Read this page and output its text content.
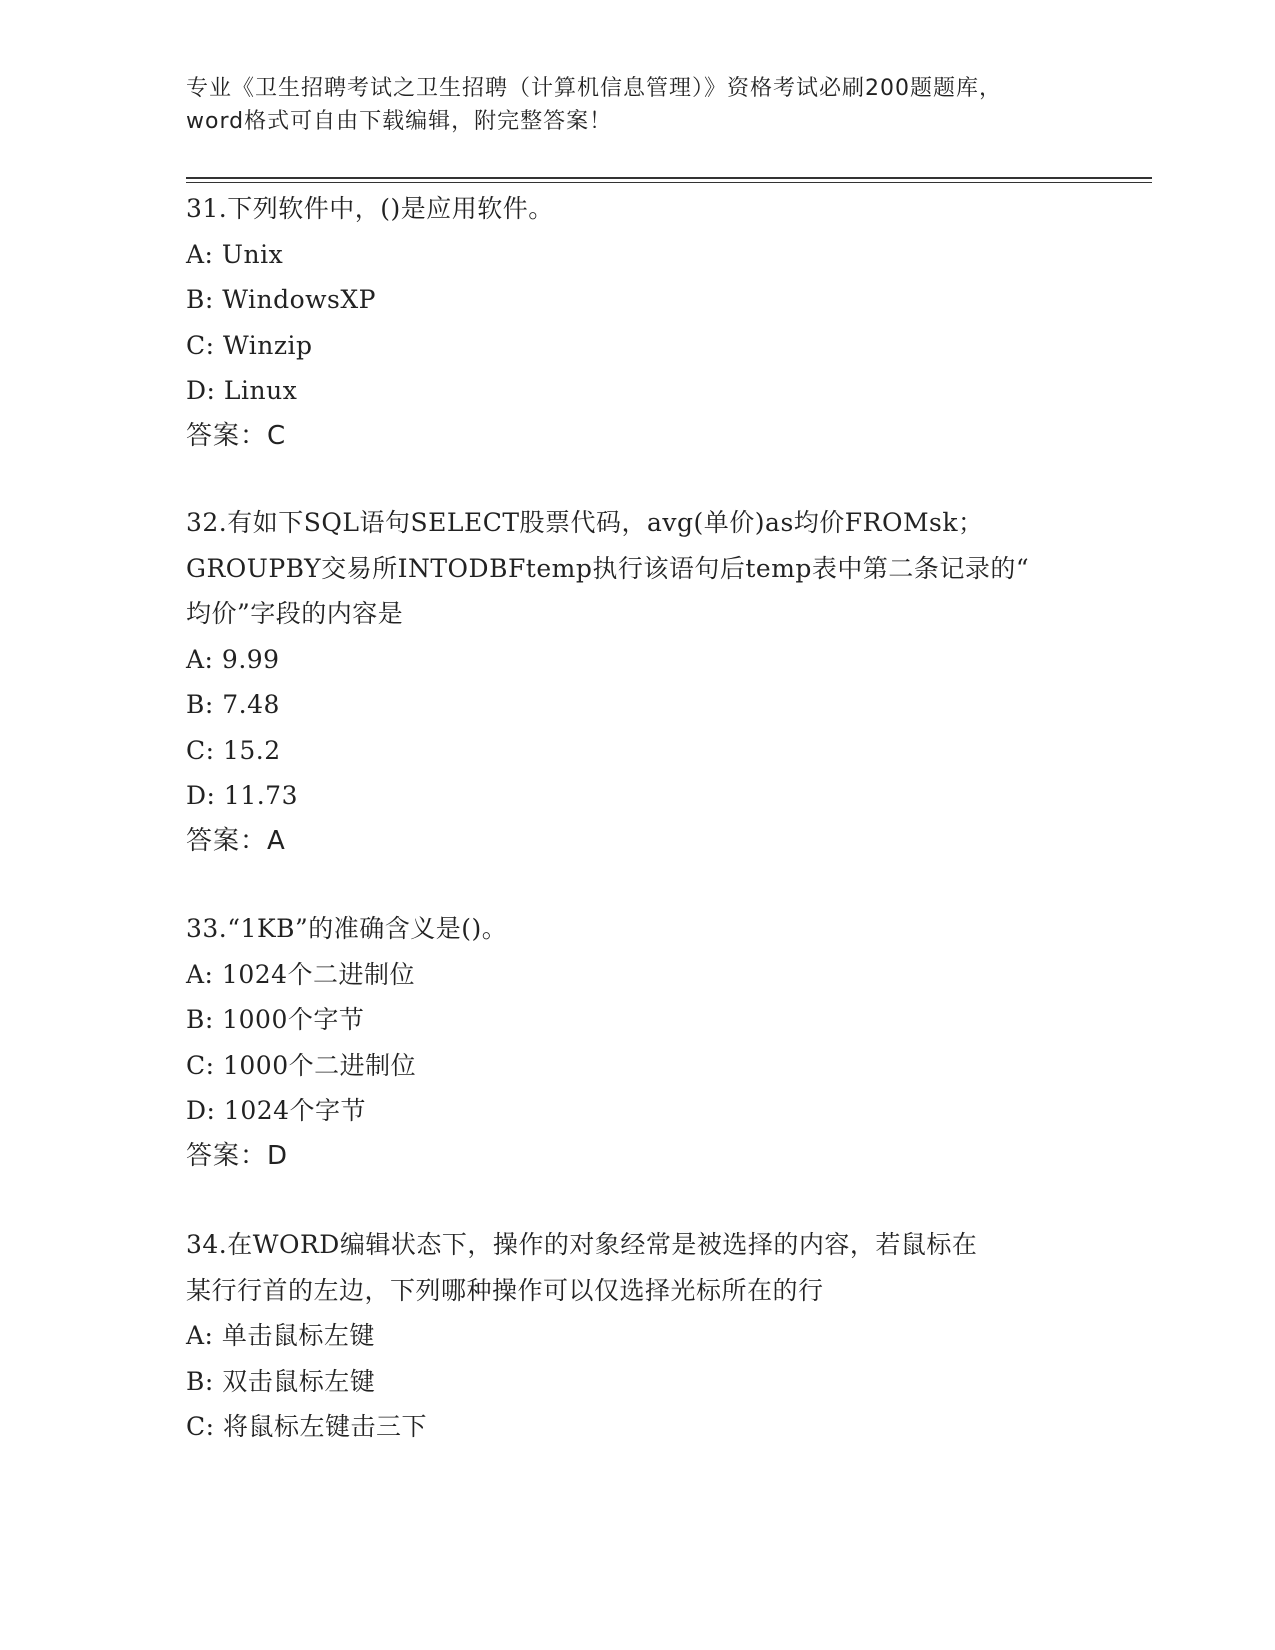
专业《卫生招聘考试之卫生招聘（计算机信息管理）》资格考试必刷200题题库，
word格式可自由下载编辑，附完整答案！
31.下列软件中，()是应用软件。
A: Unix
B: WindowsXP
C: Winzip
D: Linux
答案：C
32.有如下SQL语句SELECT股票代码，avg(单价)as均价FROMsk；
GROUPBY交易所INTODBFtemp执行该语句后temp表中第二条记录的“
均价”字段的内容是
A: 9.99
B: 7.48
C: 15.2
D: 11.73
答案：A
33.“1KB”的准确含义是()。
A: 1024个二进制位
B: 1000个字节
C: 1000个二进制位
D: 1024个字节
答案：D
34.在WORD编辑状态下，操作的对象经常是被选择的内容，若鼠标在
某行行首的左边，下列哪种操作可以仅选择光标所在的行
A: 单击鼠标左键
B: 双击鼠标左键
C: 将鼠标左键击三下
